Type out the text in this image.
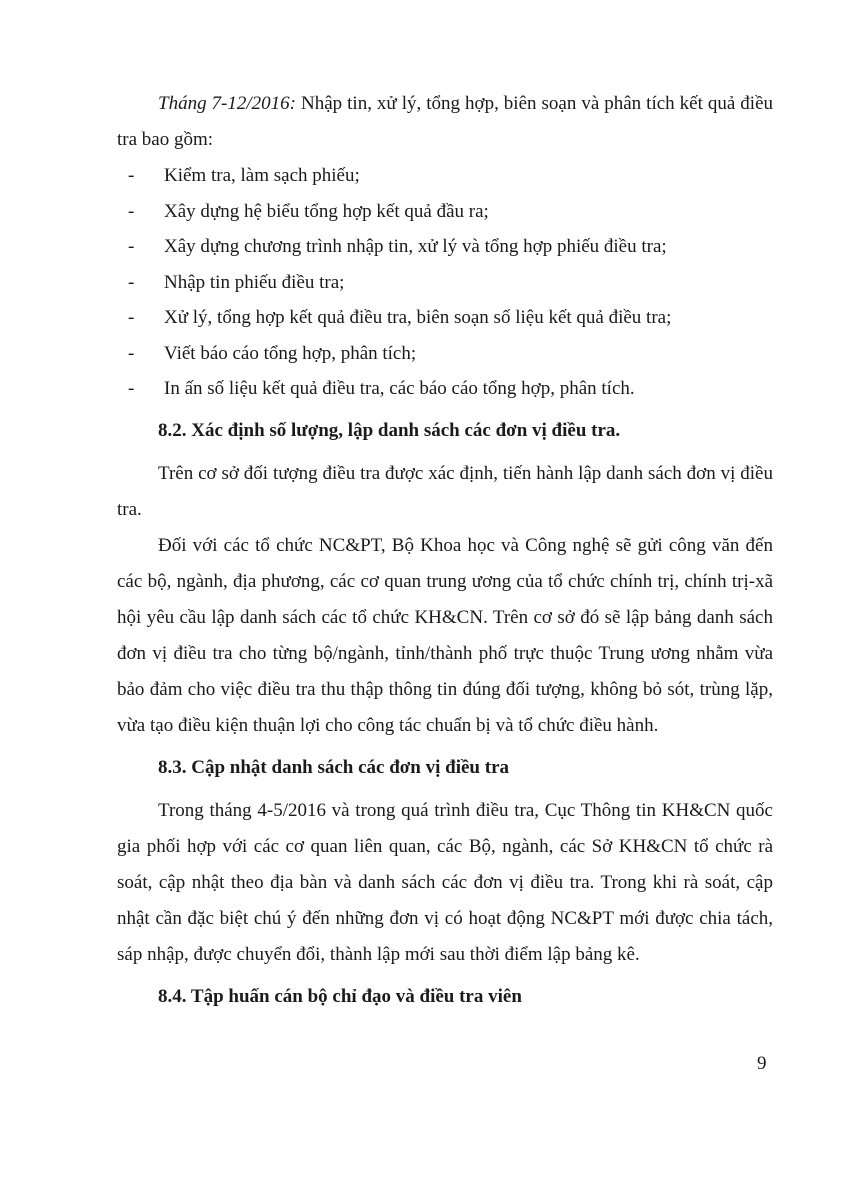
Tháng 7-12/2016: Nhập tin, xử lý, tổng hợp, biên soạn và phân tích kết quả điều tra bao gồm:

- Kiểm tra, làm sạch phiếu;
- Xây dựng hệ biểu tổng hợp kết quả đầu ra;
- Xây dựng chương trình nhập tin, xử lý và tổng hợp phiếu điều tra;
- Nhập tin phiếu điều tra;
- Xử lý, tổng hợp kết quả điều tra, biên soạn số liệu kết quả điều tra;
- Viết báo cáo tổng hợp, phân tích;
- In ấn số liệu kết quả điều tra, các báo cáo tổng hợp, phân tích.
8.2. Xác định số lượng, lập danh sách các đơn vị điều tra.

Trên cơ sở đối tượng điều tra được xác định, tiến hành lập danh sách đơn vị điều tra.

Đối với các tổ chức NC&PT, Bộ Khoa học và Công nghệ sẽ gửi công văn đến các bộ, ngành, địa phương, các cơ quan trung ương của tổ chức chính trị, chính trị-xã hội yêu cầu lập danh sách các tổ chức KH&CN. Trên cơ sở đó sẽ lập bảng danh sách đơn vị điều tra cho từng bộ/ngành, tỉnh/thành phố trực thuộc Trung ương nhằm vừa bảo đảm cho việc điều tra thu thập thông tin đúng đối tượng, không bỏ sót, trùng lặp, vừa tạo điều kiện thuận lợi cho công tác chuẩn bị và tổ chức điều hành.

8.3. Cập nhật danh sách các đơn vị điều tra

Trong tháng 4-5/2016 và trong quá trình điều tra, Cục Thông tin KH&CN quốc gia phối hợp với các cơ quan liên quan, các Bộ, ngành, các Sở KH&CN tổ chức rà soát, cập nhật theo địa bàn và danh sách các đơn vị điều tra. Trong khi rà soát, cập nhật cần đặc biệt chú ý đến những đơn vị có hoạt động NC&PT mới được chia tách, sáp nhập, được chuyển đổi, thành lập mới sau thời điểm lập bảng kê.

8.4. Tập huấn cán bộ chỉ đạo và điều tra viên
9
